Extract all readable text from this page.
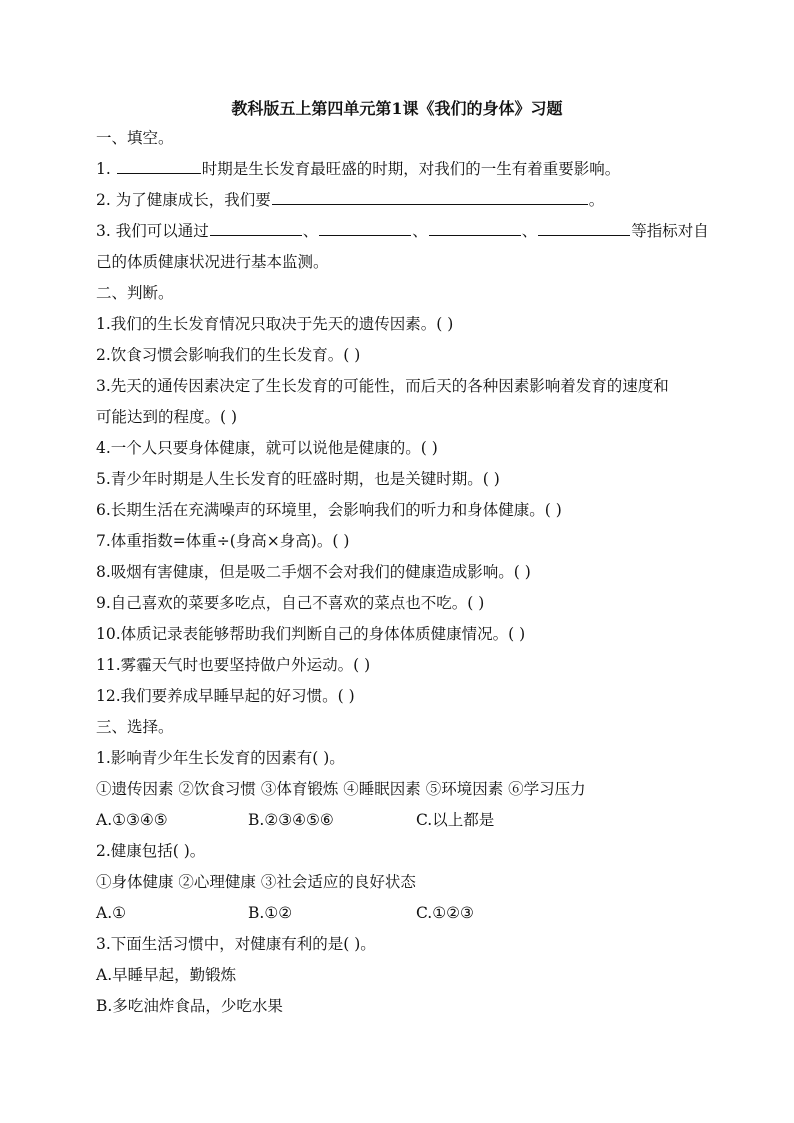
教科版五上第四单元第1课《我们的身体》习题
一、填空。
1.	时期是生长发育最旺盛的时期，对我们的一生有着重要影响。
2. 为了健康成长，我们要	。
3. 我们可以通过	、	、	、	等指标对自
己的体质健康状况进行基本监测。
二、判断。
1.我们的生长发育情况只取决于先天的遗传因素。( )
2.饮食习惯会影响我们的生长发育。( )
3.先天的通传因素决定了生长发育的可能性，而后天的各种因素影响着发育的速度和
可能达到的程度。( )
4.一个人只要身体健康，就可以说他是健康的。( )
5.青少年时期是人生长发育的旺盛时期，也是关键时期。( )
6.长期生活在充满噪声的环境里，会影响我们的听力和身体健康。( )
7.体重指数=体重÷(身高×身高)。( )
8.吸烟有害健康，但是吸二手烟不会对我们的健康造成影响。( )
9.自己喜欢的菜要多吃点，自己不喜欢的菜点也不吃。( )
10.体质记录表能够帮助我们判断自己的身体体质健康情况。( )
11.雾霾天气时也要坚持做户外运动。( )
12.我们要养成早睡早起的好习惯。( )
三、选择。
1.影响青少年生长发育的因素有( )。
①遗传因素 ②饮食习惯 ③体育锻炼 ④睡眠因素 ⑤环境因素 ⑥学习压力
A.①③④⑤	B.②③④⑤⑥	C.以上都是
2.健康包括( )。
①身体健康 ②心理健康 ③社会适应的良好状态
A.①	B.①②	C.①②③
3.下面生活习惯中，对健康有利的是( )。
A.早睡早起，勤锻炼
B.多吃油炸食品，少吃水果
